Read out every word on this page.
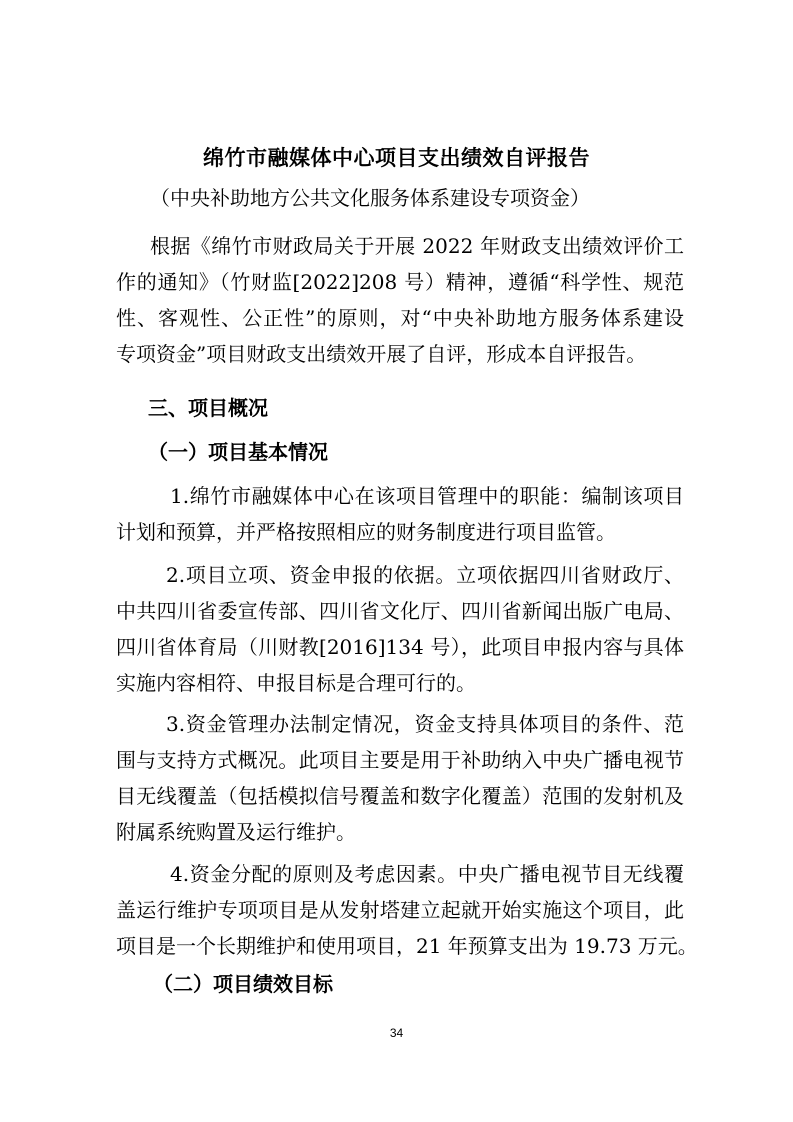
绵竹市融媒体中心项目支出绩效自评报告
（中央补助地方公共文化服务体系建设专项资金）
根据《绵竹市财政局关于开展 2022 年财政支出绩效评价工
作的通知》（竹财监[2022]208 号）精神，遵循“科学性、规范
性、客观性、公正性”的原则，对“中央补助地方服务体系建设
专项资金”项目财政支出绩效开展了自评，形成本自评报告。
三、项目概况
（一）项目基本情况
1.绵竹市融媒体中心在该项目管理中的职能：编制该项目
计划和预算，并严格按照相应的财务制度进行项目监管。
2.项目立项、资金申报的依据。立项依据四川省财政厅、
中共四川省委宣传部、四川省文化厅、四川省新闻出版广电局、
四川省体育局（川财教[2016]134 号），此项目申报内容与具体
实施内容相符、申报目标是合理可行的。
3.资金管理办法制定情况，资金支持具体项目的条件、范
围与支持方式概况。此项目主要是用于补助纳入中央广播电视节
目无线覆盖（包括模拟信号覆盖和数字化覆盖）范围的发射机及
附属系统购置及运行维护。
4.资金分配的原则及考虑因素。中央广播电视节目无线覆
盖运行维护专项项目是从发射塔建立起就开始实施这个项目，此
项目是一个长期维护和使用项目，21 年预算支出为 19.73 万元。
（二）项目绩效目标
34
